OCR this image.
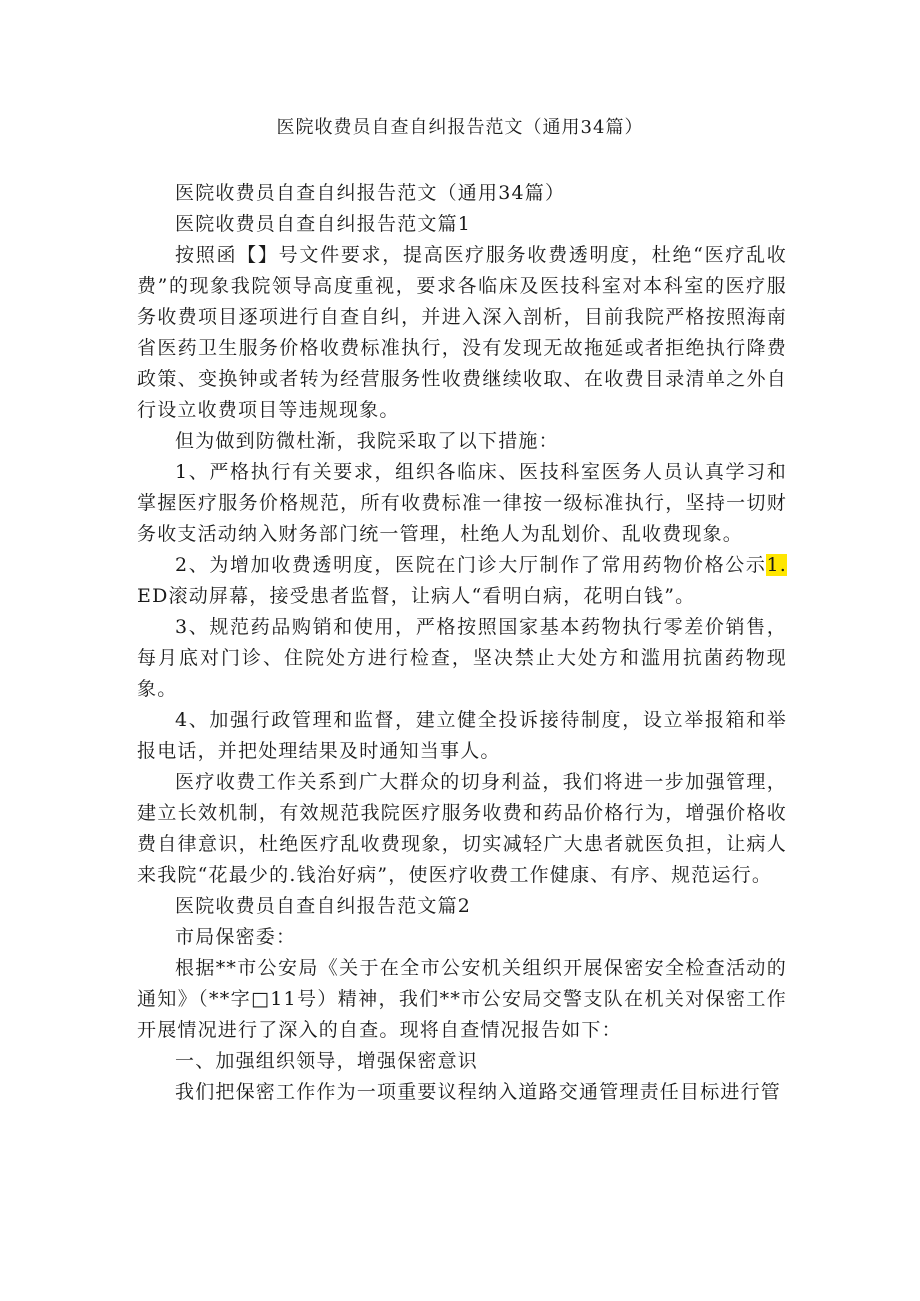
医院收费员自查自纠报告范文（通用34篇）

医院收费员自查自纠报告范文（通用34篇）

医院收费员自查自纠报告范文篇1

按照函【】号文件要求，提高医疗服务收费透明度，杜绝“医疗乱收费”的现象我院领导高度重视，要求各临床及医技科室对本科室的医疗服务收费项目逐项进行自查自纠，并进入深入剖析，目前我院严格按照海南省医药卫生服务价格收费标准执行，没有发现无故拖延或者拒绝执行降费政策、变换钟或者转为经营服务性收费继续收取、在收费目录清单之外自行设立收费项目等违规现象。

但为做到防微杜渐，我院采取了以下措施：

1、严格执行有关要求，组织各临床、医技科室医务人员认真学习和掌握医疗服务价格规范，所有收费标准一律按一级标准执行，坚持一切财务收支活动纳入财务部门统一管理，杜绝人为乱划价、乱收费现象。

2、为增加收费透明度，医院在门诊大厅制作了常用药物价格公示1.ED滚动屏幕，接受患者监督，让病人“看明白病，花明白钱”。

3、规范药品购销和使用，严格按照国家基本药物执行零差价销售，每月底对门诊、住院处方进行检查，坚决禁止大处方和滥用抗菌药物现象。

4、加强行政管理和监督，建立健全投诉接待制度，设立举报箱和举报电话，并把处理结果及时通知当事人。

医疗收费工作关系到广大群众的切身利益，我们将进一步加强管理，建立长效机制，有效规范我院医疗服务收费和药品价格行为，增强价格收费自律意识，杜绝医疗乱收费现象，切实减轻广大患者就医负担，让病人来我院“花最少的.钱治好病”，使医疗收费工作健康、有序、规范运行。

医院收费员自查自纠报告范文篇2

市局保密委：

根据**市公安局《关于在全市公安机关组织开展保密安全检查活动的通知》（**字□11号）精神，我们**市公安局交警支队在机关对保密工作开展情况进行了深入的自查。现将自查情况报告如下：

一、加强组织领导，增强保密意识

我们把保密工作作为一项重要议程纳入道路交通管理责任目标进行管
